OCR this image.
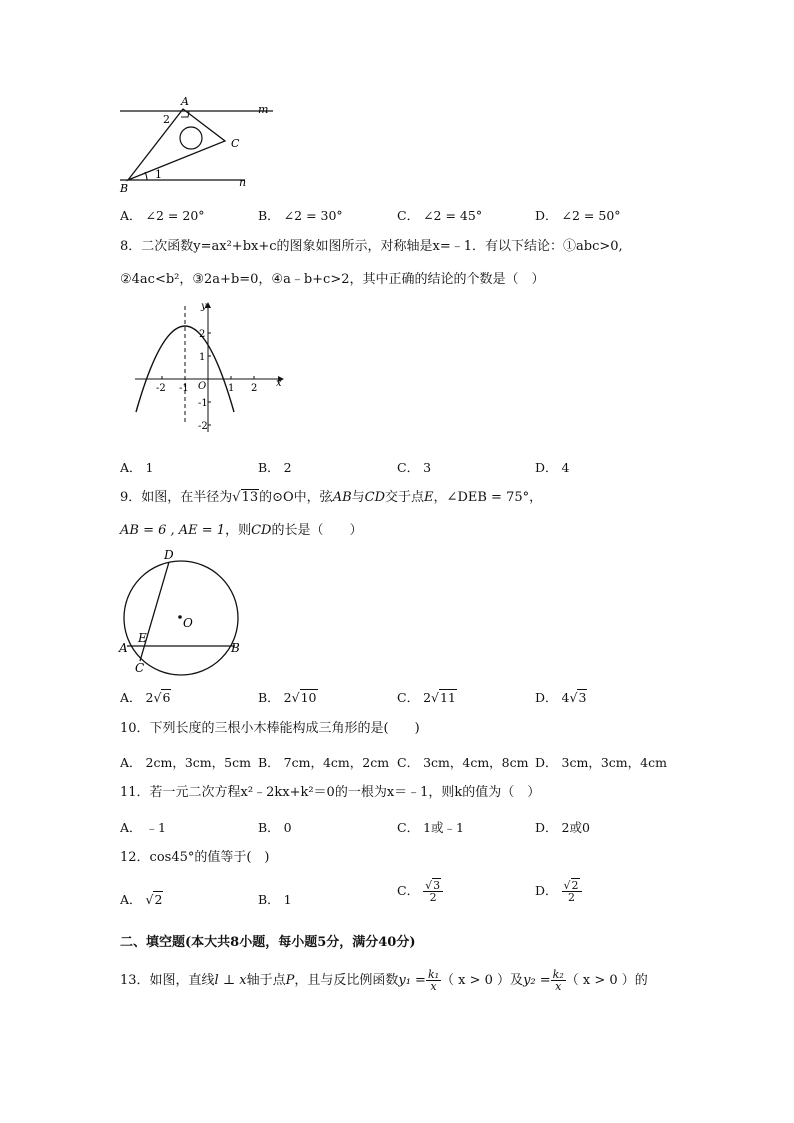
A
B
C
m
n
1
2
A． ∠2 = 20°	B． ∠2 = 30°	C． ∠2 = 45°	D． ∠2 = 50°
8．二次函数y=ax²+bx+c的图象如图所示，对称轴是x=﹣1．有以下结论：①abc>0,
②4ac<b²，③2a+b=0，④a﹣b+c>2，其中正确的结论的个数是（　）
-2 -1	1 2
2
1
-1
-2
O	x
y
A． 1	B． 2	C． 3	D． 4
9．如图，在半径为√13的⊙O中，弦AB与CD交于点E，∠DEB = 75°，
AB = 6 , AE = 1，则CD的长是（　　）
D
O
E
A	B
C
A． 2√6	B． 2√10	C． 2√11	D． 4√3
10．下列长度的三根小木棒能构成三角形的是(　　)
A． 2cm，3cm，5cm B． 7cm，4cm，2cm C． 3cm，4cm，8cm D． 3cm，3cm，4cm
11．若一元二次方程x²﹣2kx+k²＝0的一根为x＝﹣1，则k的值为（　）
A． ﹣1	B． 0	C． 1或﹣1	D． 2或0
12．cos45°的值等于(　)
A． √2	B． 1
C． $\frac{√3}{2}$	D． $\frac{√2}{2}$
二、填空题(本大共8小题，每小题5分，满分40分)
13．如图，直线l ⊥ x轴于点P，且与反比例函数$y_1 = \frac{\text{k₁}}{x}$ （ x > 0 ）及$y_2 = \frac{\text{k₂}}{x}$ （ x > 0 ）的
